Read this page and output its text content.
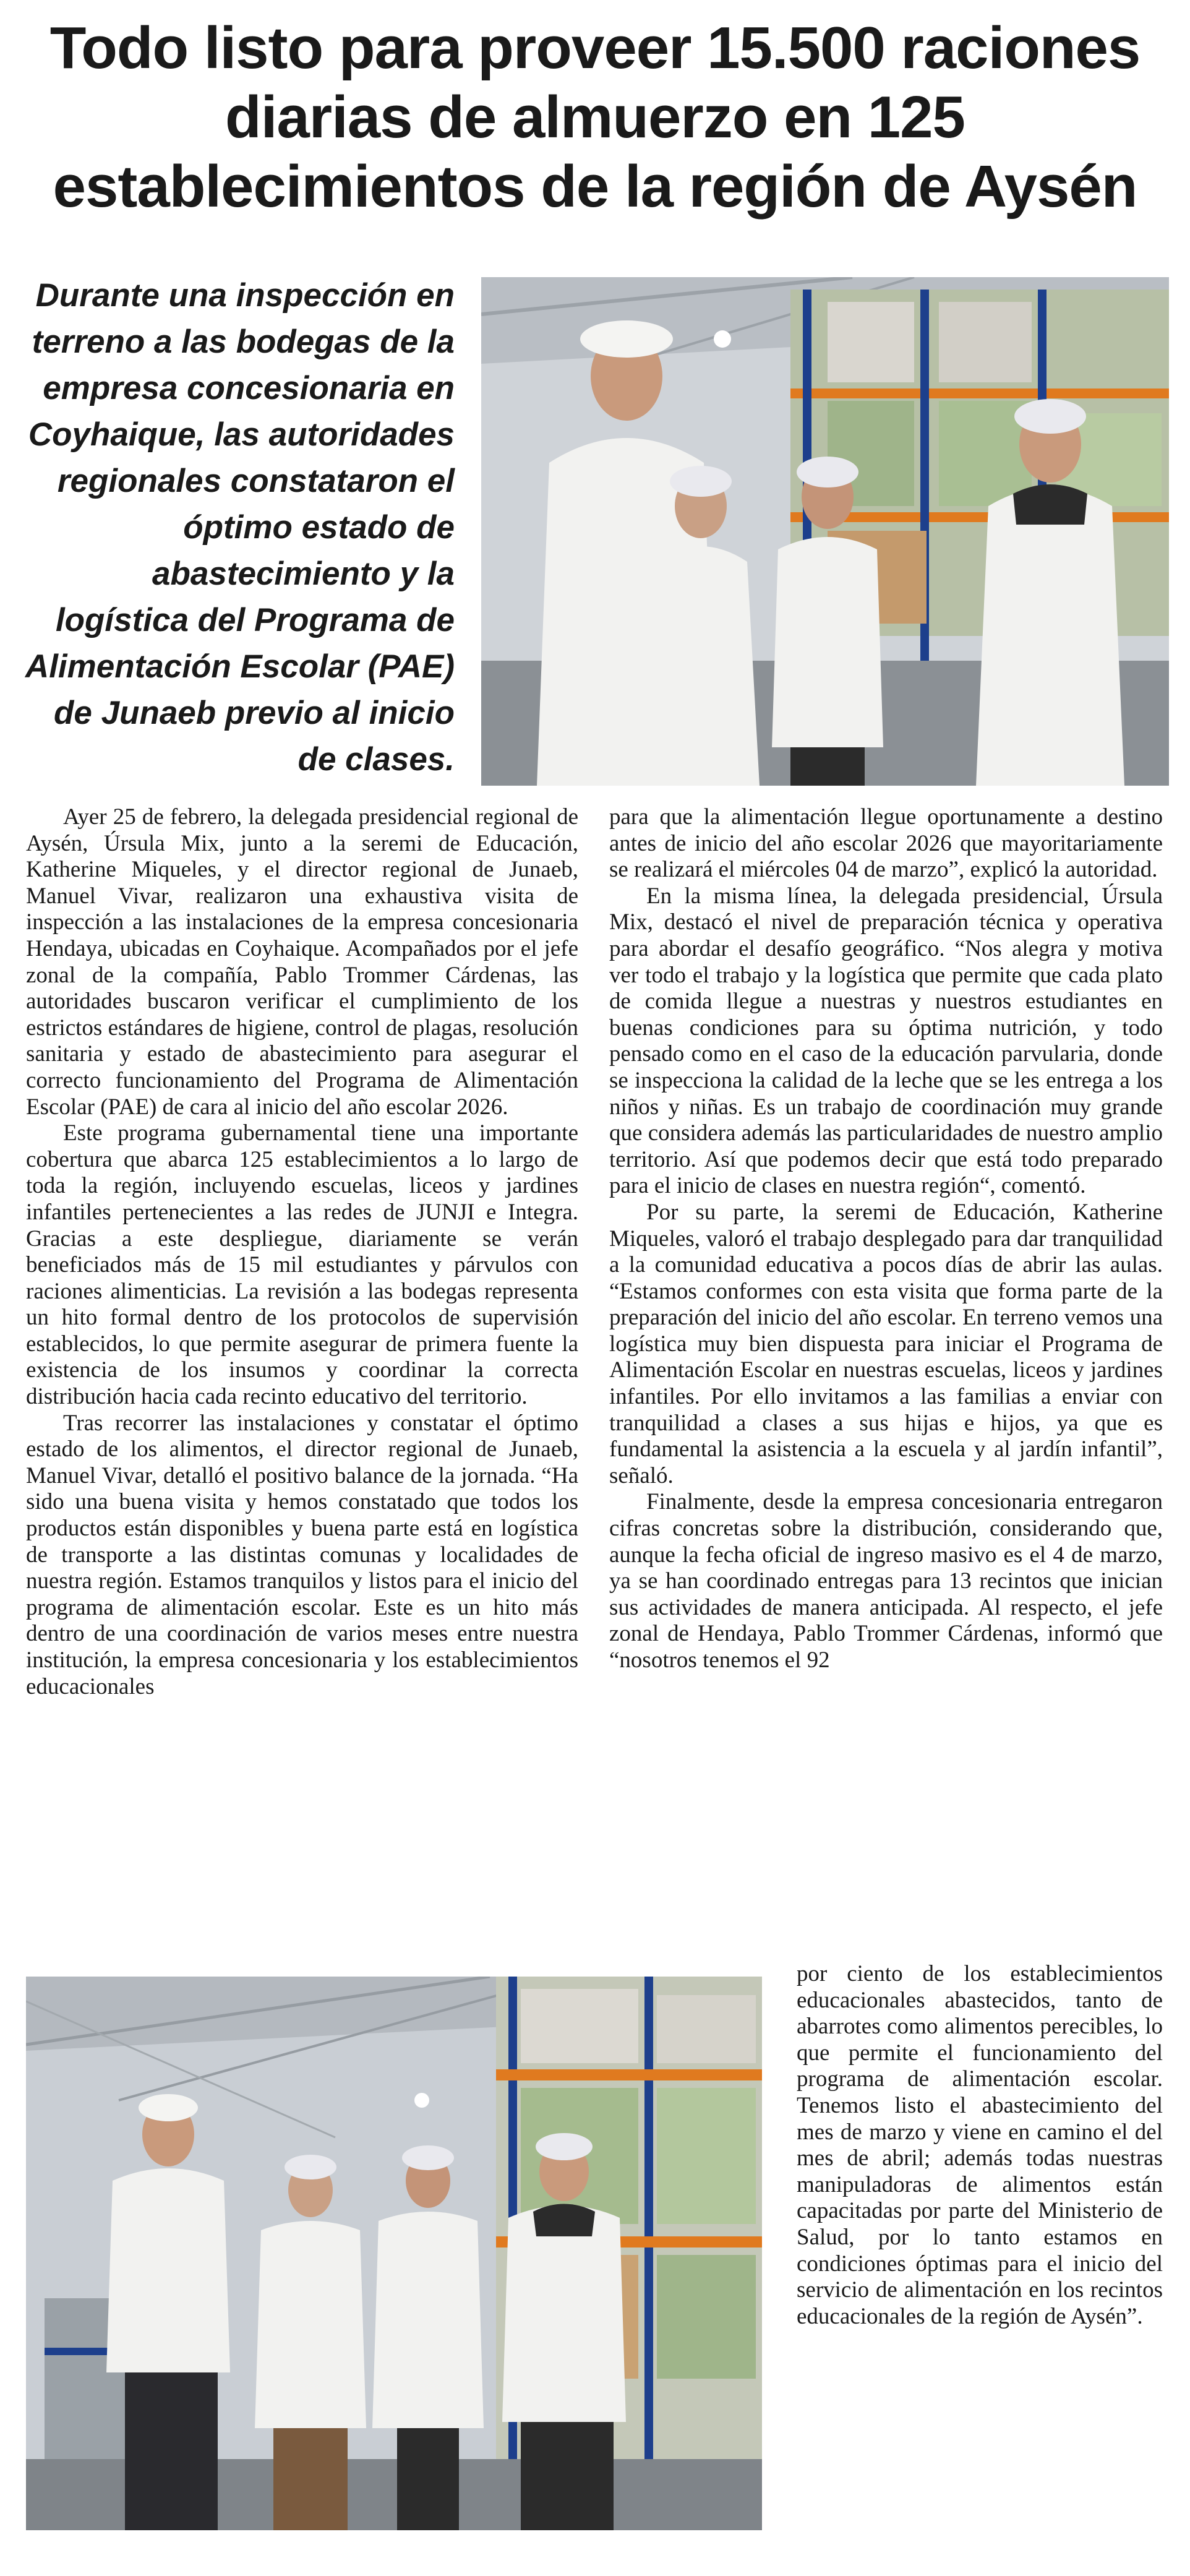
Todo listo para proveer 15.500 raciones diarias de almuerzo en 125 establecimientos de la región de Aysén

Durante una inspección en terreno a las bodegas de la empresa concesionaria en Coyhaique, las autoridades regionales constataron el óptimo estado de abastecimiento y la logística del Programa de Alimentación Escolar (PAE) de Junaeb previo al inicio de clases.

Ayer 25 de febrero, la delegada presidencial regional de Aysén, Úrsula Mix, junto a la seremi de Educación, Katherine Miqueles, y el director regional de Junaeb, Manuel Vivar, realizaron una exhaustiva visita de inspección a las instalaciones de la empresa concesionaria Hendaya, ubicadas en Coyhaique. Acompañados por el jefe zonal de la compañía, Pablo Trommer Cárdenas, las autoridades buscaron verificar el cumplimiento de los estrictos estándares de higiene, control de plagas, resolución sanitaria y estado de abastecimiento para asegurar el correcto funcionamiento del Programa de Alimentación Escolar (PAE) de cara al inicio del año escolar 2026.

Este programa gubernamental tiene una importante cobertura que abarca 125 establecimientos a lo largo de toda la región, incluyendo escuelas, liceos y jardines infantiles pertenecientes a las redes de JUNJI e Integra. Gracias a este despliegue, diariamente se verán beneficiados más de 15 mil estudiantes y párvulos con raciones alimenticias. La revisión a las bodegas representa un hito formal dentro de los protocolos de supervisión establecidos, lo que permite asegurar de primera fuente la existencia de los insumos y coordinar la correcta distribución hacia cada recinto educativo del territorio.

Tras recorrer las instalaciones y constatar el óptimo estado de los alimentos, el director regional de Junaeb, Manuel Vivar, detalló el positivo balance de la jornada. “Ha sido una buena visita y hemos constatado que todos los productos están disponibles y buena parte está en logística de transporte a las distintas comunas y localidades de nuestra región. Estamos tranquilos y listos para el inicio del programa de alimentación escolar. Este es un hito más dentro de una coordinación de varios meses entre nuestra institución, la empresa concesionaria y los establecimientos educacionales

para que la alimentación llegue oportunamente a destino antes de inicio del año escolar 2026 que mayoritariamente se realizará el miércoles 04 de marzo”, explicó la autoridad.

En la misma línea, la delegada presidencial, Úrsula Mix, destacó el nivel de preparación técnica y operativa para abordar el desafío geográfico. “Nos alegra y motiva ver todo el trabajo y la logística que permite que cada plato de comida llegue a nuestras y nuestros estudiantes en buenas condiciones para su óptima nutrición, y todo pensado como en el caso de la educación parvularia, donde se inspecciona la calidad de la leche que se les entrega a los niños y niñas. Es un trabajo de coordinación muy grande que considera además las particularidades de nuestro amplio territorio. Así que podemos decir que está todo preparado para el inicio de clases en nuestra región“, comentó.

Por su parte, la seremi de Educación, Katherine Miqueles, valoró el trabajo desplegado para dar tranquilidad a la comunidad educativa a pocos días de abrir las aulas. “Estamos conformes con esta visita que forma parte de la preparación del inicio del año escolar. En terreno vemos una logística muy bien dispuesta para iniciar el Programa de Alimentación Escolar en nuestras escuelas, liceos y jardines infantiles. Por ello invitamos a las familias a enviar con tranquilidad a clases a sus hijas e hijos, ya que es fundamental la asistencia a la escuela y al jardín infantil”, señaló.

Finalmente, desde la empresa concesionaria entregaron cifras concretas sobre la distribución, considerando que, aunque la fecha oficial de ingreso masivo es el 4 de marzo, ya se han coordinado entregas para 13 recintos que inician sus actividades de manera anticipada. Al respecto, el jefe zonal de Hendaya, Pablo Trommer Cárdenas, informó que “nosotros tenemos el 92

por ciento de los establecimientos educacionales abastecidos, tanto de abarrotes como alimentos perecibles, lo que permite el funcionamiento del programa de alimentación escolar. Tenemos listo el abastecimiento del mes de marzo y viene en camino el del mes de abril; además todas nuestras manipuladoras de alimentos están capacitadas por parte del Ministerio de Salud, por lo tanto estamos en condiciones óptimas para el inicio del servicio de alimentación en los recintos educacionales de la región de Aysén”.
